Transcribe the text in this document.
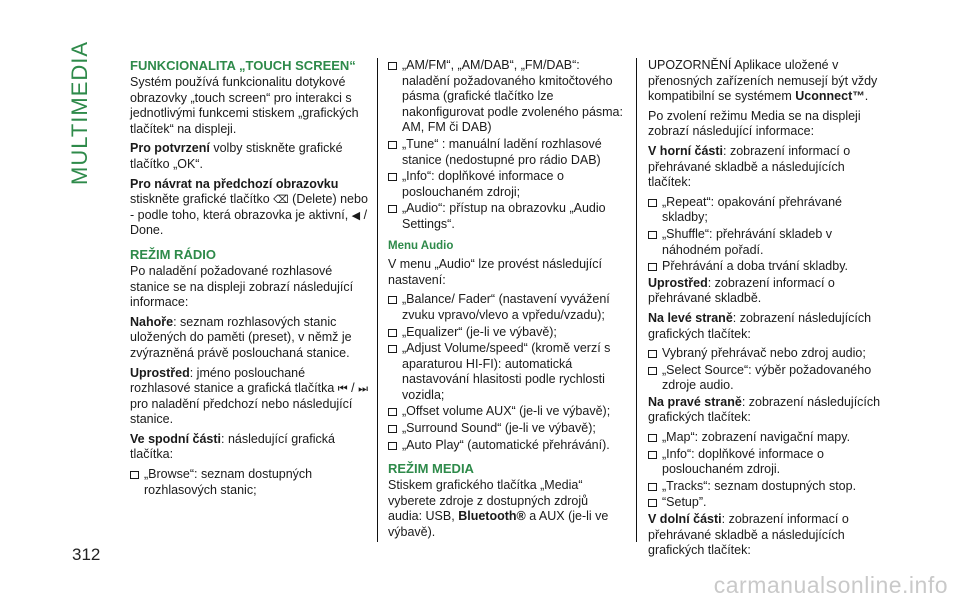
MULTIMEDIA	FUNKCIONALITA „TOUCH SCREEN“

Systém používá funkcionalitu dotykové obrazovky „touch screen“ pro interakci s jednotlivými funkcemi stiskem „grafických tlačítek“ na displeji.

Pro potvrzení volby stiskněte grafické tlačítko „OK“.

Pro návrat na předchozí obrazovku stiskněte grafické tlačítko ⌫ (Delete) nebo - podle toho, která obrazovka je aktivní, ◀ / Done.

REŽIM RÁDIO

Po naladění požadované rozhlasové stanice se na displeji zobrazí následující informace:

Nahoře: seznam rozhlasových stanic uložených do paměti (preset), v němž je zvýrazněná právě poslouchaná stanice.

Uprostřed: jméno poslouchané rozhlasové stanice a grafická tlačítka ⏮ / ⏭ pro naladění předchozí nebo následující stanice.

Ve spodní části: následující grafická tlačítka:

„Browse“: seznam dostupných rozhlasových stanic;
„AM/FM“, „AM/DAB“, „FM/DAB“: naladění požadovaného kmitočtového pásma (grafické tlačítko lze nakonfigurovat podle zvoleného pásma: AM, FM či DAB)
„Tune“ : manuální ladění rozhlasové stanice (nedostupné pro rádio DAB)
„Info“: doplňkové informace o poslouchaném zdroji;
„Audio“: přístup na obrazovku „Audio Settings“.
Menu Audio

V menu „Audio“ lze provést následující nastavení:

„Balance/ Fader“ (nastavení vyvážení zvuku vpravo/vlevo a vpředu/vzadu);
„Equalizer“ (je-li ve výbavě);
„Adjust Volume/speed“ (kromě verzí s aparaturou HI-FI): automatická nastavování hlasitosti podle rychlosti vozidla;
„Offset volume AUX“ (je-li ve výbavě);
„Surround Sound“ (je-li ve výbavě);
„Auto Play“ (automatické přehrávání).
REŽIM MEDIA

Stiskem grafického tlačítka „Media“ vyberete zdroje z dostupných zdrojů audia: USB, Bluetooth® a AUX (je-li ve výbavě).

UPOZORNĚNÍ Aplikace uložené v přenosných zařízeních nemusejí být vždy kompatibilní se systémem Uconnect™.

Po zvolení režimu Media se na displeji zobrazí následující informace:

V horní části: zobrazení informací o přehrávané skladbě a následujících tlačítek:

„Repeat“: opakování přehrávané skladby;
„Shuffle“: přehrávání skladeb v náhodném pořadí.
Přehrávání a doba trvání skladby.

Uprostřed: zobrazení informací o přehrávané skladbě.

Na levé straně: zobrazení následujících grafických tlačítek:

Vybraný přehrávač nebo zdroj audio;
„Select Source“: výběr požadovaného zdroje audio.

Na pravé straně: zobrazení následujících grafických tlačítek:

„Map“: zobrazení navigační mapy.
„Info“: doplňkové informace o poslouchaném zdroji.
„Tracks“: seznam dostupných stop.
“Setup”.

V dolní části: zobrazení informací o přehrávané skladbě a následujících grafických tlačítek:

312
carmanualsonline.info
